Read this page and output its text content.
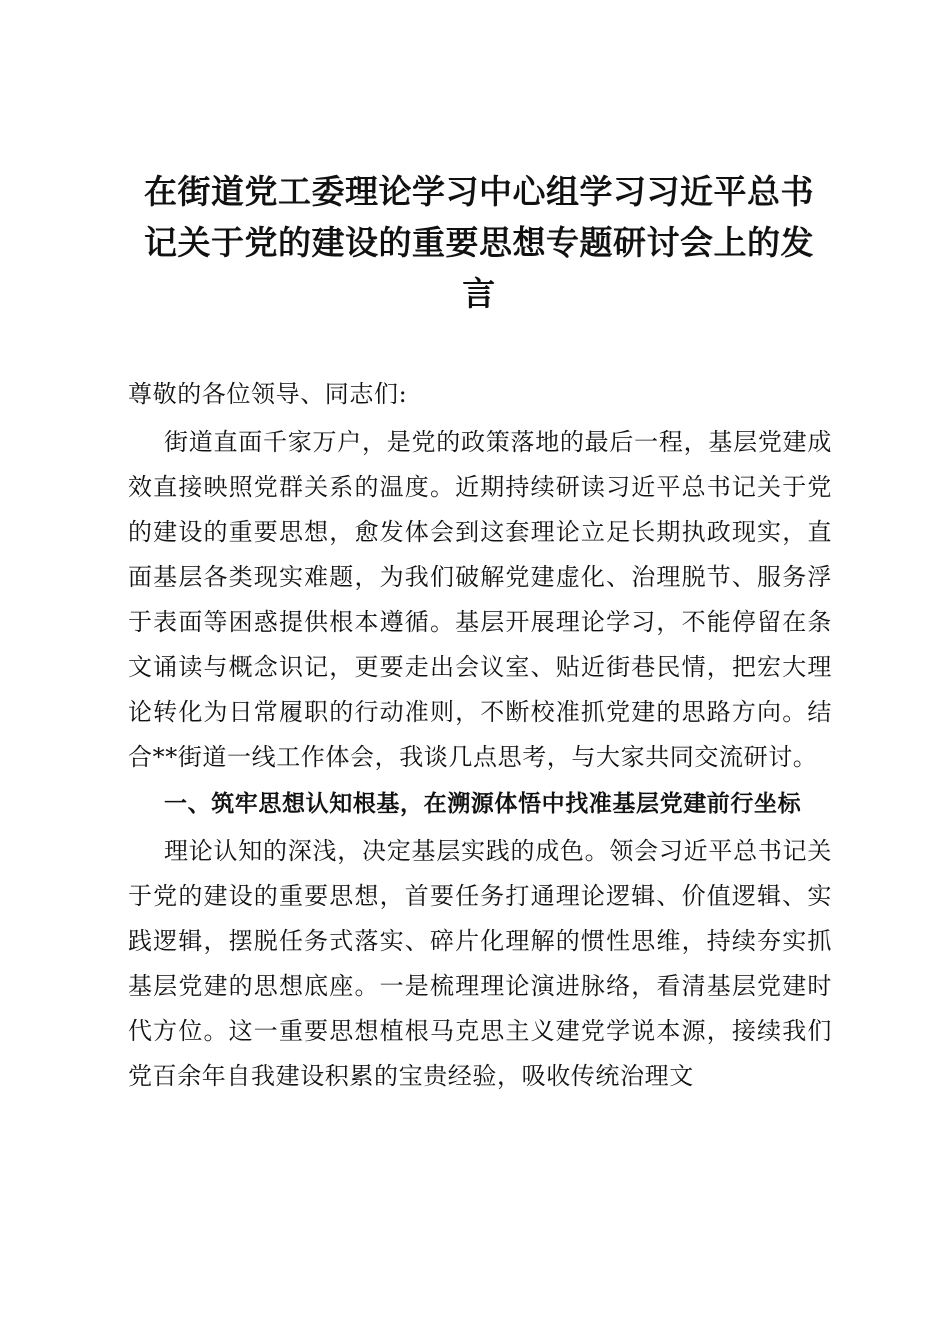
在街道党工委理论学习中心组学习习近平总书记关于党的建设的重要思想专题研讨会上的发言

尊敬的各位领导、同志们:

街道直面千家万户，是党的政策落地的最后一程，基层党建成效直接映照党群关系的温度。近期持续研读习近平总书记关于党的建设的重要思想，愈发体会到这套理论立足长期执政现实，直面基层各类现实难题，为我们破解党建虚化、治理脱节、服务浮于表面等困惑提供根本遵循。基层开展理论学习，不能停留在条文诵读与概念识记，更要走出会议室、贴近街巷民情，把宏大理论转化为日常履职的行动准则，不断校准抓党建的思路方向。结合**街道一线工作体会，我谈几点思考，与大家共同交流研讨。

一、筑牢思想认知根基，在溯源体悟中找准基层党建前行坐标

理论认知的深浅，决定基层实践的成色。领会习近平总书记关于党的建设的重要思想，首要任务打通理论逻辑、价值逻辑、实践逻辑，摆脱任务式落实、碎片化理解的惯性思维，持续夯实抓基层党建的思想底座。一是梳理理论演进脉络，看清基层党建时代方位。这一重要思想植根马克思主义建党学说本源，接续我们党百余年自我建设积累的宝贵经验，吸收传统治理文
